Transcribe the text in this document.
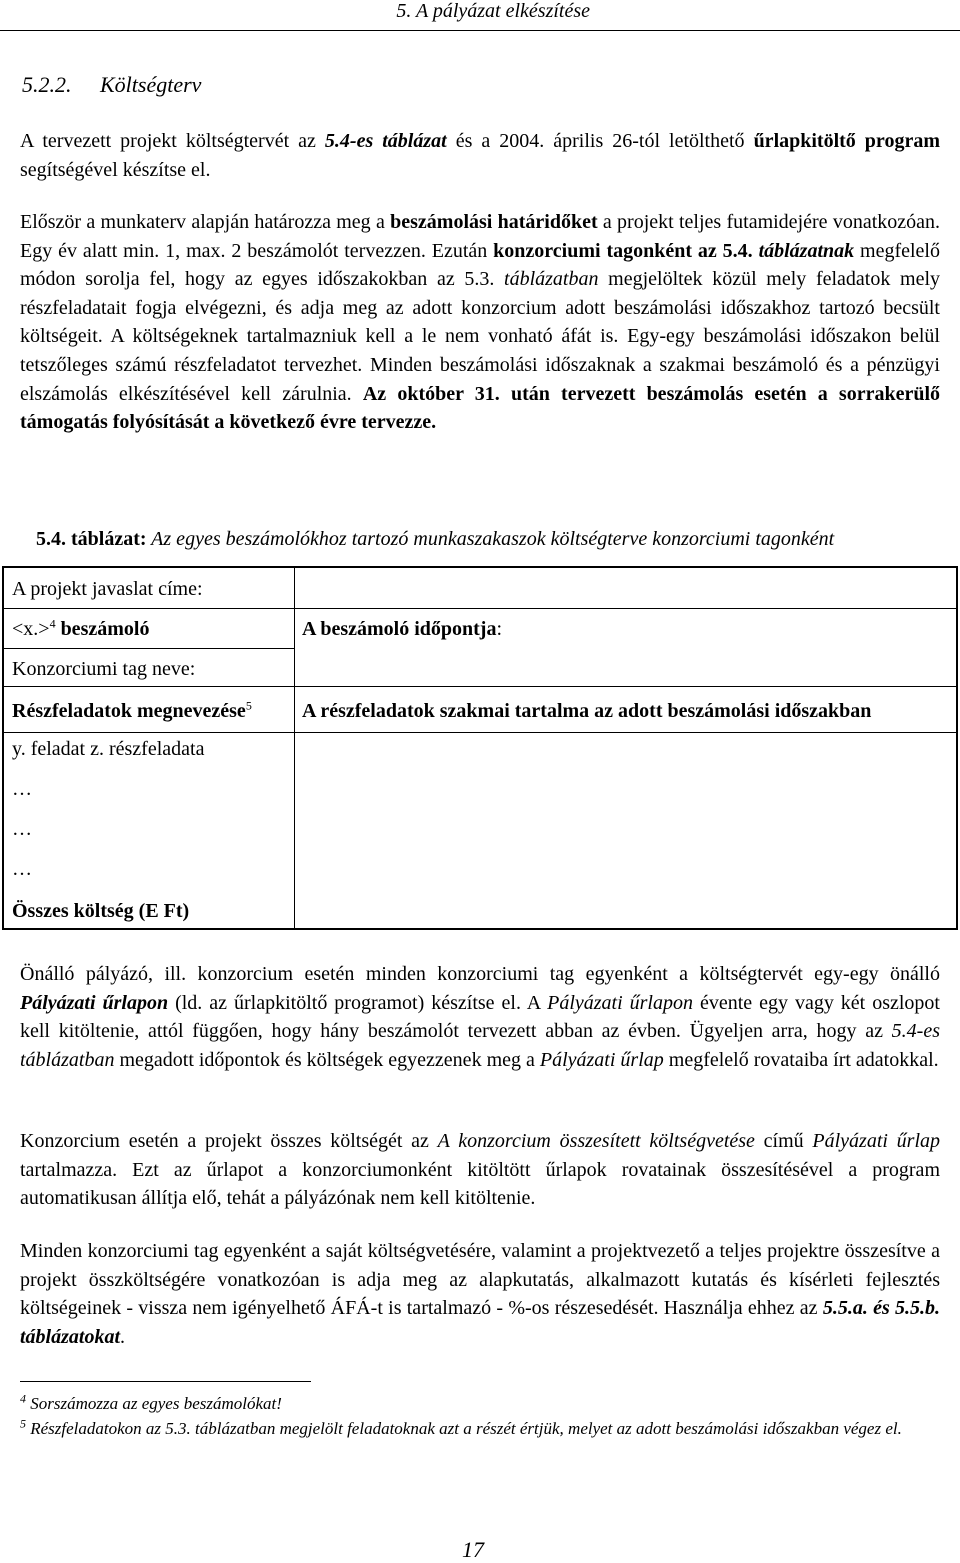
5. A pályázat elkészítése
5.2.2. Költségterv
A tervezett projekt költségtervét az 5.4-es táblázat és a 2004. április 26-tól letölthető űrlapkitöltő program segítségével készítse el.
Először a munkaterv alapján határozza meg a beszámolási határidőket a projekt teljes futamidejére vonatkozóan. Egy év alatt min. 1, max. 2 beszámolót tervezzen. Ezután konzorciumi tagonként az 5.4. táblázatnak megfelelő módon sorolja fel, hogy az egyes időszakokban az 5.3. táblázatban megjelöltek közül mely feladatok mely részfeladatait fogja elvégezni, és adja meg az adott konzorcium adott beszámolási időszakhoz tartozó becsült költségeit. A költségeknek tartalmazniuk kell a le nem vonható áfát is. Egy-egy beszámolási időszakon belül tetszőleges számú részfeladatot tervezhet. Minden beszámolási időszaknak a szakmai beszámoló és a pénzügyi elszámolás elkészítésével kell zárulnia. Az október 31. után tervezett beszámolás esetén a sorrakerülő támogatás folyósítását a következő évre tervezze.
5.4. táblázat: Az egyes beszámolókhoz tartozó munkaszakaszok költségterve konzorciumi tagonként
A projekt javaslat címe:
<x.>$^4$ beszámoló	A beszámoló időpontja:
Konzorciumi tag neve:
Részfeladatok megnevezése$^5$	A részfeladatok szakmai tartalma az adott beszámolási időszakban
y. feladat z. részfeladata
…
…
…
Összes költség (E Ft)
Önálló pályázó, ill. konzorcium esetén minden konzorciumi tag egyenként a költségtervét egy-egy önálló Pályázati űrlapon (ld. az űrlapkitöltő programot) készítse el. A Pályázati űrlapon évente egy vagy két oszlopot kell kitöltenie, attól függően, hogy hány beszámolót tervezett abban az évben. Ügyeljen arra, hogy az 5.4-es táblázatban megadott időpontok és költségek egyezzenek meg a Pályázati űrlap megfelelő rovataiba írt adatokkal.
Konzorcium esetén a projekt összes költségét az A konzorcium összesített költségvetése című Pályázati űrlap tartalmazza. Ezt az űrlapot a konzorciumonként kitöltött űrlapok rovatainak összesítésével a program automatikusan állítja elő, tehát a pályázónak nem kell kitöltenie.
Minden konzorciumi tag egyenként a saját költségvetésére, valamint a projektvezető a teljes projektre összesítve a projekt összköltségére vonatkozóan is adja meg az alapkutatás, alkalmazott kutatás és kísérleti fejlesztés költségeinek - vissza nem igényelhető ÁFÁ-t is tartalmazó - %-os részesedését. Használja ehhez az 5.5.a. és 5.5.b. táblázatokat.
$^4$ Sorszámozza az egyes beszámolókat!
$^5$ Részfeladatokon az 5.3. táblázatban megjelölt feladatoknak azt a részét értjük, melyet az adott beszámolási időszakban végez el.
17
